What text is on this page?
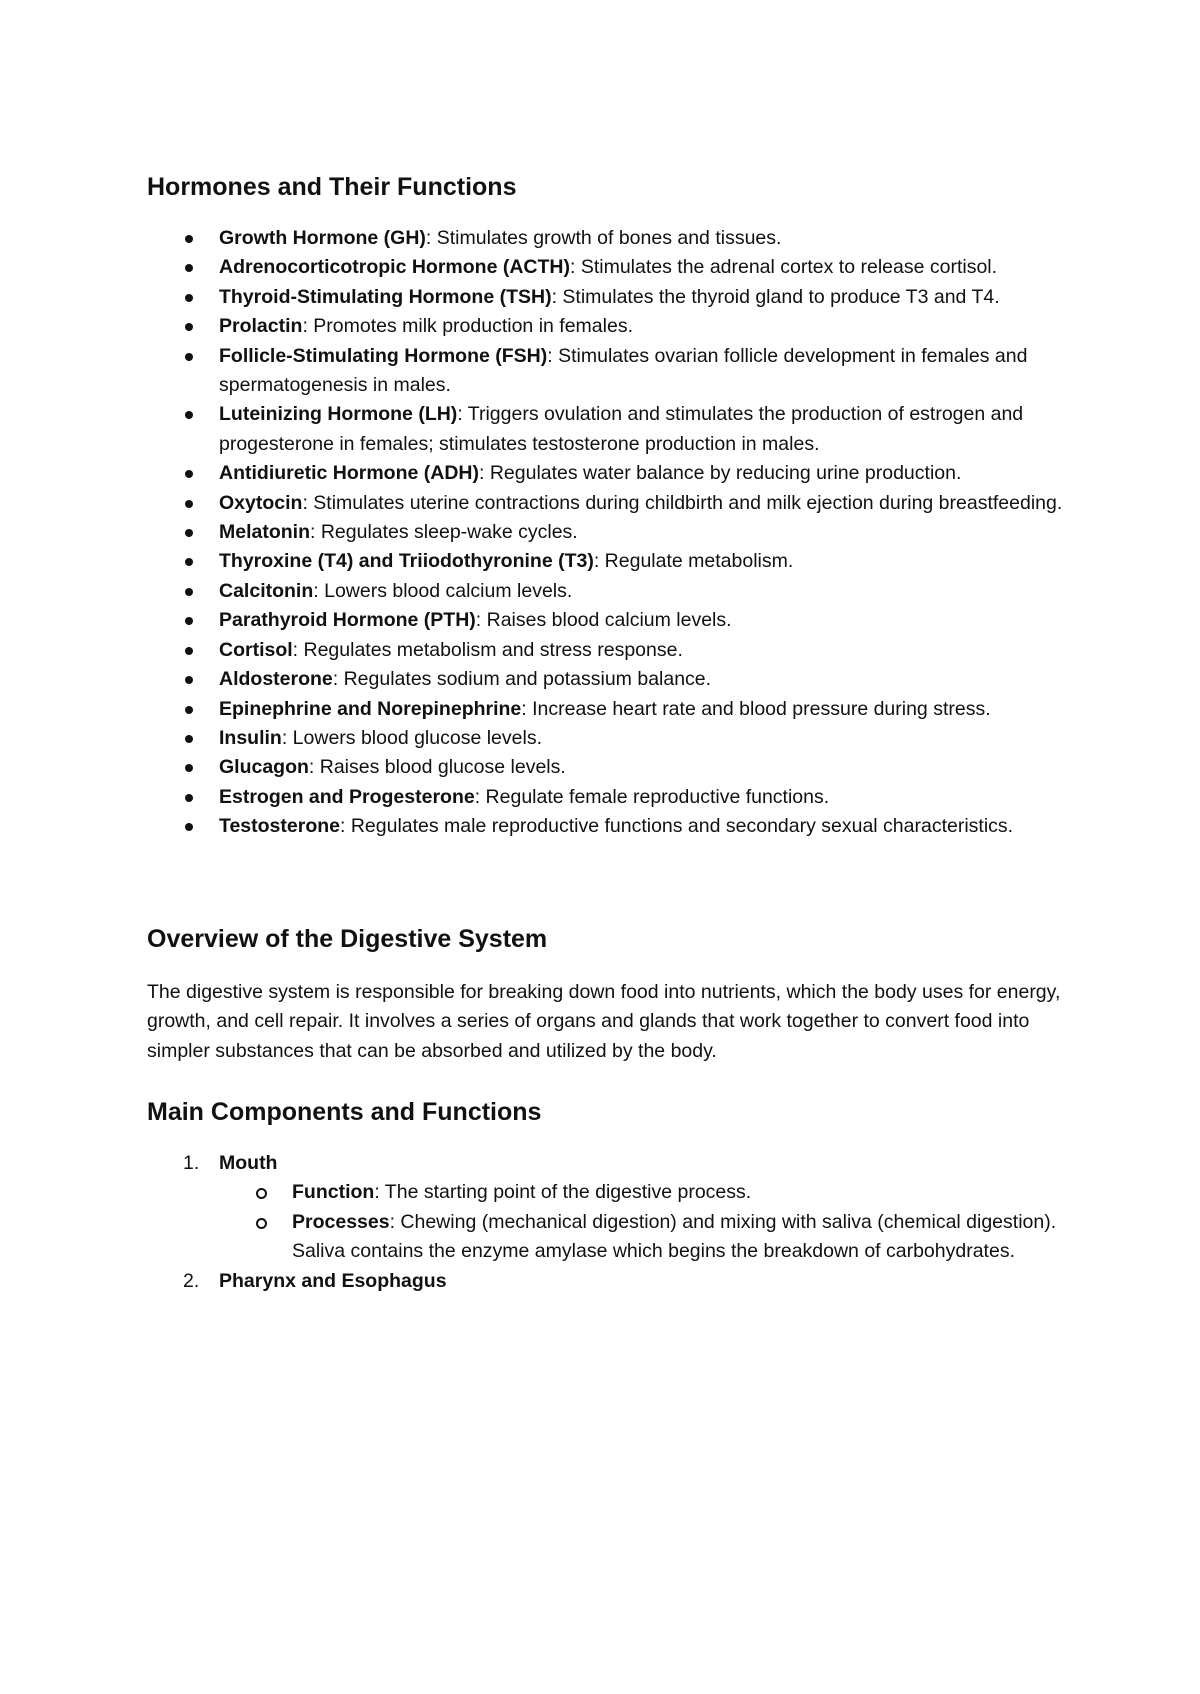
Hormones and Their Functions
Growth Hormone (GH): Stimulates growth of bones and tissues.
Adrenocorticotropic Hormone (ACTH): Stimulates the adrenal cortex to release cortisol.
Thyroid-Stimulating Hormone (TSH): Stimulates the thyroid gland to produce T3 and T4.
Prolactin: Promotes milk production in females.
Follicle-Stimulating Hormone (FSH): Stimulates ovarian follicle development in females and spermatogenesis in males.
Luteinizing Hormone (LH): Triggers ovulation and stimulates the production of estrogen and progesterone in females; stimulates testosterone production in males.
Antidiuretic Hormone (ADH): Regulates water balance by reducing urine production.
Oxytocin: Stimulates uterine contractions during childbirth and milk ejection during breastfeeding.
Melatonin: Regulates sleep-wake cycles.
Thyroxine (T4) and Triiodothyronine (T3): Regulate metabolism.
Calcitonin: Lowers blood calcium levels.
Parathyroid Hormone (PTH): Raises blood calcium levels.
Cortisol: Regulates metabolism and stress response.
Aldosterone: Regulates sodium and potassium balance.
Epinephrine and Norepinephrine: Increase heart rate and blood pressure during stress.
Insulin: Lowers blood glucose levels.
Glucagon: Raises blood glucose levels.
Estrogen and Progesterone: Regulate female reproductive functions.
Testosterone: Regulates male reproductive functions and secondary sexual characteristics.
Overview of the Digestive System

The digestive system is responsible for breaking down food into nutrients, which the body uses for energy, growth, and cell repair. It involves a series of organs and glands that work together to convert food into simpler substances that can be absorbed and utilized by the body.

Main Components and Functions
1. Mouth
Function: The starting point of the digestive process.
Processes: Chewing (mechanical digestion) and mixing with saliva (chemical digestion). Saliva contains the enzyme amylase which begins the breakdown of carbohydrates.
2. Pharynx and Esophagus
